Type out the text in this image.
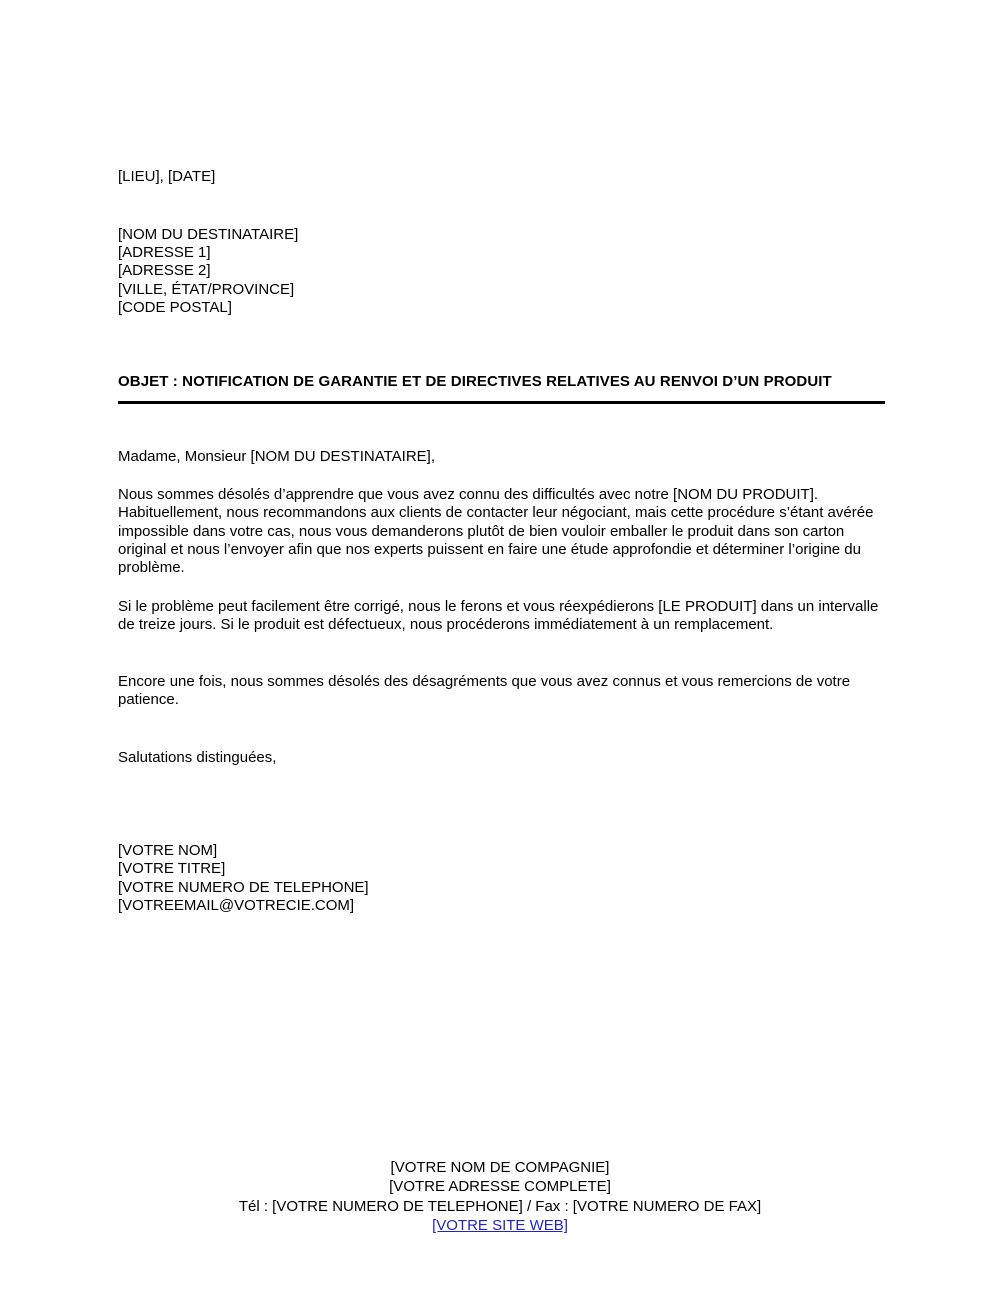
[LIEU], [DATE]
[NOM DU DESTINATAIRE]
[ADRESSE 1]
[ADRESSE 2]
[VILLE, ÉTAT/PROVINCE]
[CODE POSTAL]
OBJET : NOTIFICATION DE GARANTIE ET DE DIRECTIVES RELATIVES AU RENVOI D’UN PRODUIT
Madame, Monsieur [NOM DU DESTINATAIRE],
Nous sommes désolés d’apprendre que vous avez connu des difficultés avec notre [NOM DU PRODUIT]. Habituellement, nous recommandons aux clients de contacter leur négociant, mais cette procédure s’étant avérée impossible dans votre cas, nous vous demanderons plutôt de bien vouloir emballer le produit dans son carton original et nous l’envoyer afin que nos experts puissent en faire une étude approfondie et déterminer l’origine du problème.
Si le problème peut facilement être corrigé, nous le ferons et vous réexpédierons [LE PRODUIT] dans un intervalle de treize jours. Si le produit est défectueux, nous procéderons immédiatement à un remplacement.
Encore une fois, nous sommes désolés des désagréments que vous avez connus et vous remercions de votre patience.
Salutations distinguées,
[VOTRE NOM]
[VOTRE TITRE]
[VOTRE NUMERO DE TELEPHONE]
[VOTREEMAIL@VOTRECIE.COM]
[VOTRE NOM DE COMPAGNIE]
[VOTRE ADRESSE COMPLETE]
Tél : [VOTRE NUMERO DE TELEPHONE] / Fax : [VOTRE NUMERO DE FAX]
[VOTRE SITE WEB]
